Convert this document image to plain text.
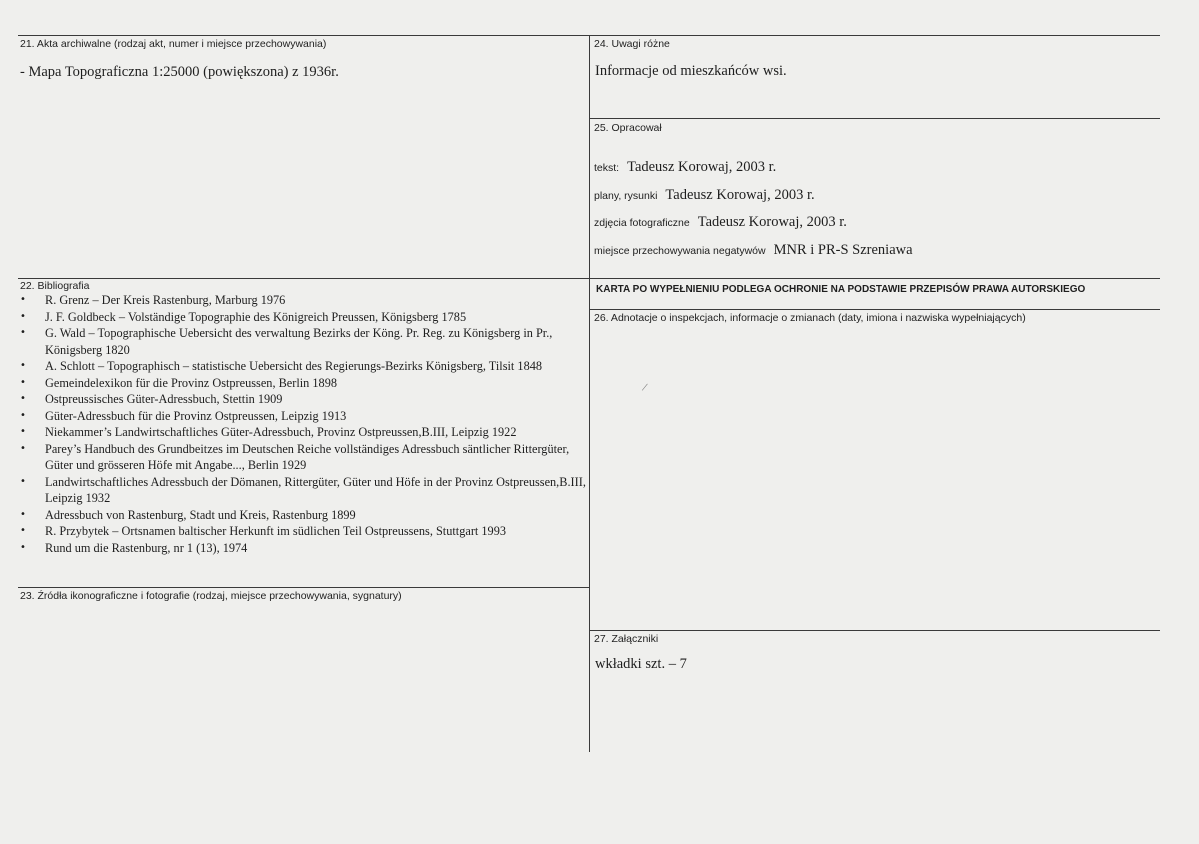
21. Akta archiwalne (rodzaj akt, numer i miejsce przechowywania)
- Mapa Topograficzna 1:25000 (powiększona) z 1936r.
24. Uwagi różne
Informacje od mieszkańców wsi.
25. Opracował
tekst: Tadeusz Korowaj, 2003 r.
plany, rysunki Tadeusz Korowaj, 2003 r.
zdjęcia fotograficzne Tadeusz Korowaj, 2003 r.
miejsce przechowywania negatywów MNR i PR-S Szreniawa
KARTA PO WYPEŁNIENIU PODLEGA OCHRONIE NA PODSTAWIE PRZEPISÓW PRAWA AUTORSKIEGO
22. Bibliografia
• R. Grenz – Der Kreis Rastenburg, Marburg 1976
• J. F. Goldbeck – Volständige Topographie des Königreich Preussen, Königsberg 1785
• G. Wald – Topographische Uebersicht des verwaltung Bezirks der Köng. Pr. Reg. zu Königsberg in Pr., Königsberg 1820
• A. Schlott – Topographisch – statistische Uebersicht des Regierungs-Bezirks Königsberg, Tilsit 1848
• Gemeindelexikon für die Provinz Ostpreussen, Berlin 1898
• Ostpreussisches Güter-Adressbuch, Stettin 1909
• Güter-Adressbuch für die Provinz Ostpreussen, Leipzig 1913
• Niekammer’s Landwirtschaftliches Güter-Adressbuch, Provinz Ostpreussen,B.III, Leipzig 1922
• Parey’s Handbuch des Grundbeitzes im Deutschen Reiche vollständiges Adressbuch säntlicher Rittergüter, Güter und grösseren Höfe mit Angabe..., Berlin 1929
• Landwirtschaftliches Adressbuch der Dömanen, Rittergüter, Güter und Höfe in der Provinz Ostpreussen,B.III, Leipzig 1932
• Adressbuch von Rastenburg, Stadt und Kreis, Rastenburg 1899
• R. Przybytek – Ortsnamen baltischer Herkunft im südlichen Teil Ostpreussens, Stuttgart 1993
• Rund um die Rastenburg, nr 1 (13), 1974
26. Adnotacje o inspekcjach, informacje o zmianach (daty, imiona i nazwiska wypełniających)
/
23. Źródła ikonograficzne i fotografie (rodzaj, miejsce przechowywania, sygnatury)
27. Załączniki
wkładki szt. – 7
